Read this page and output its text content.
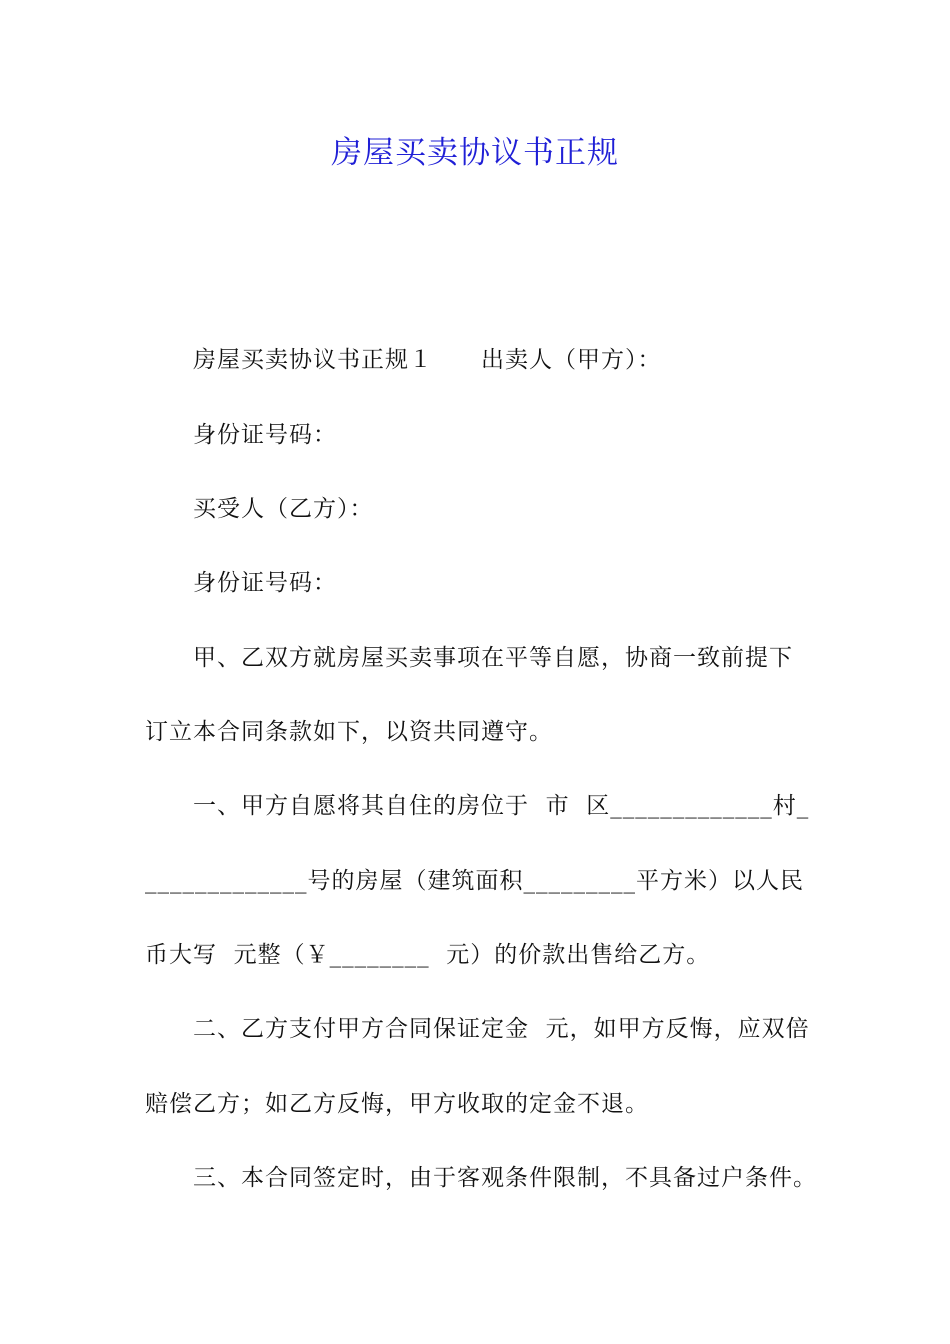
房屋买卖协议书正规

房屋买卖协议书正规１　　出卖人（甲方）：

身份证号码：

买受人（乙方）：

身份证号码：

甲、乙双方就房屋买卖事项在平等自愿，协商一致前提下

订立本合同条款如下，以资共同遵守。

一、甲方自愿将其自住的房位于  市  区_____________村_

_____________号的房屋（建筑面积_________平方米）以人民

币大写  元整（￥________  元）的价款出售给乙方。

二、乙方支付甲方合同保证定金  元，如甲方反悔，应双倍

赔偿乙方；如乙方反悔，甲方收取的定金不退。

三、本合同签定时，由于客观条件限制，不具备过户条件。
